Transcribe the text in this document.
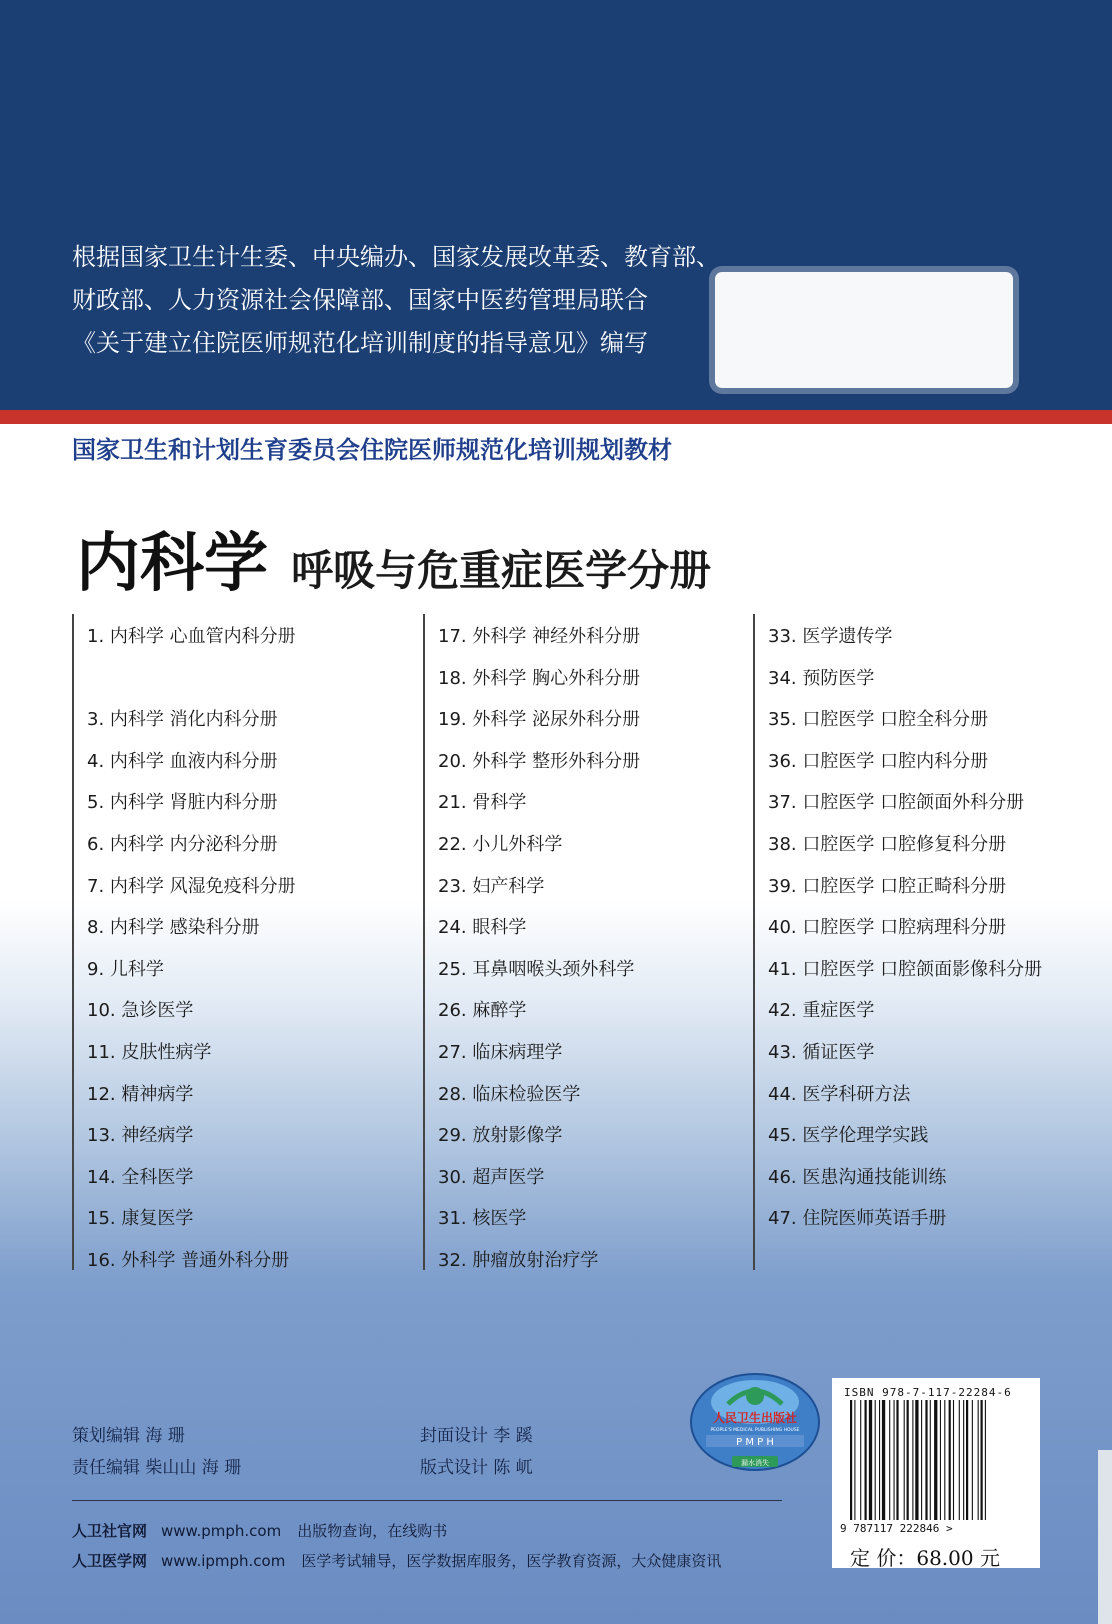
根据国家卫生计生委、中央编办、国家发展改革委、教育部、
财政部、人力资源社会保障部、国家中医药管理局联合
《关于建立住院医师规范化培训制度的指导意见》编写
国家卫生和计划生育委员会住院医师规范化培训规划教材
内科学 呼吸与危重症医学分册
1. 内科学 心血管内科分册
2. 内科学 呼吸与危重症医学分册
3. 内科学 消化内科分册
4. 内科学 血液内科分册
5. 内科学 肾脏内科分册
6. 内科学 内分泌科分册
7. 内科学 风湿免疫科分册
8. 内科学 感染科分册
9. 儿科学
10. 急诊医学
11. 皮肤性病学
12. 精神病学
13. 神经病学
14. 全科医学
15. 康复医学
16. 外科学 普通外科分册
17. 外科学 神经外科分册
18. 外科学 胸心外科分册
19. 外科学 泌尿外科分册
20. 外科学 整形外科分册
21. 骨科学
22. 小儿外科学
23. 妇产科学
24. 眼科学
25. 耳鼻咽喉头颈外科学
26. 麻醉学
27. 临床病理学
28. 临床检验医学
29. 放射影像学
30. 超声医学
31. 核医学
32. 肿瘤放射治疗学
33. 医学遗传学
34. 预防医学
35. 口腔医学 口腔全科分册
36. 口腔医学 口腔内科分册
37. 口腔医学 口腔颌面外科分册
38. 口腔医学 口腔修复科分册
39. 口腔医学 口腔正畸科分册
40. 口腔医学 口腔病理科分册
41. 口腔医学 口腔颌面影像科分册
42. 重症医学
43. 循证医学
44. 医学科研方法
45. 医学伦理学实践
46. 医患沟通技能训练
47. 住院医师英语手册
策划编辑 海 珊
责任编辑 柴山山 海 珊
封面设计 李 蹊
版式设计 陈 屼
人卫社官网 www.pmph.com 出版物查询，在线购书
人卫医学网 www.ipmph.com 医学考试辅导，医学数据库服务，医学教育资源，大众健康资讯
人民卫生出版社
PEOPLE'S MEDICAL PUBLISHING HOUSE
P M P H
漏水消失
ISBN 978-7-117-22284-6
9 787117 222846 >
定 价：68.00 元
